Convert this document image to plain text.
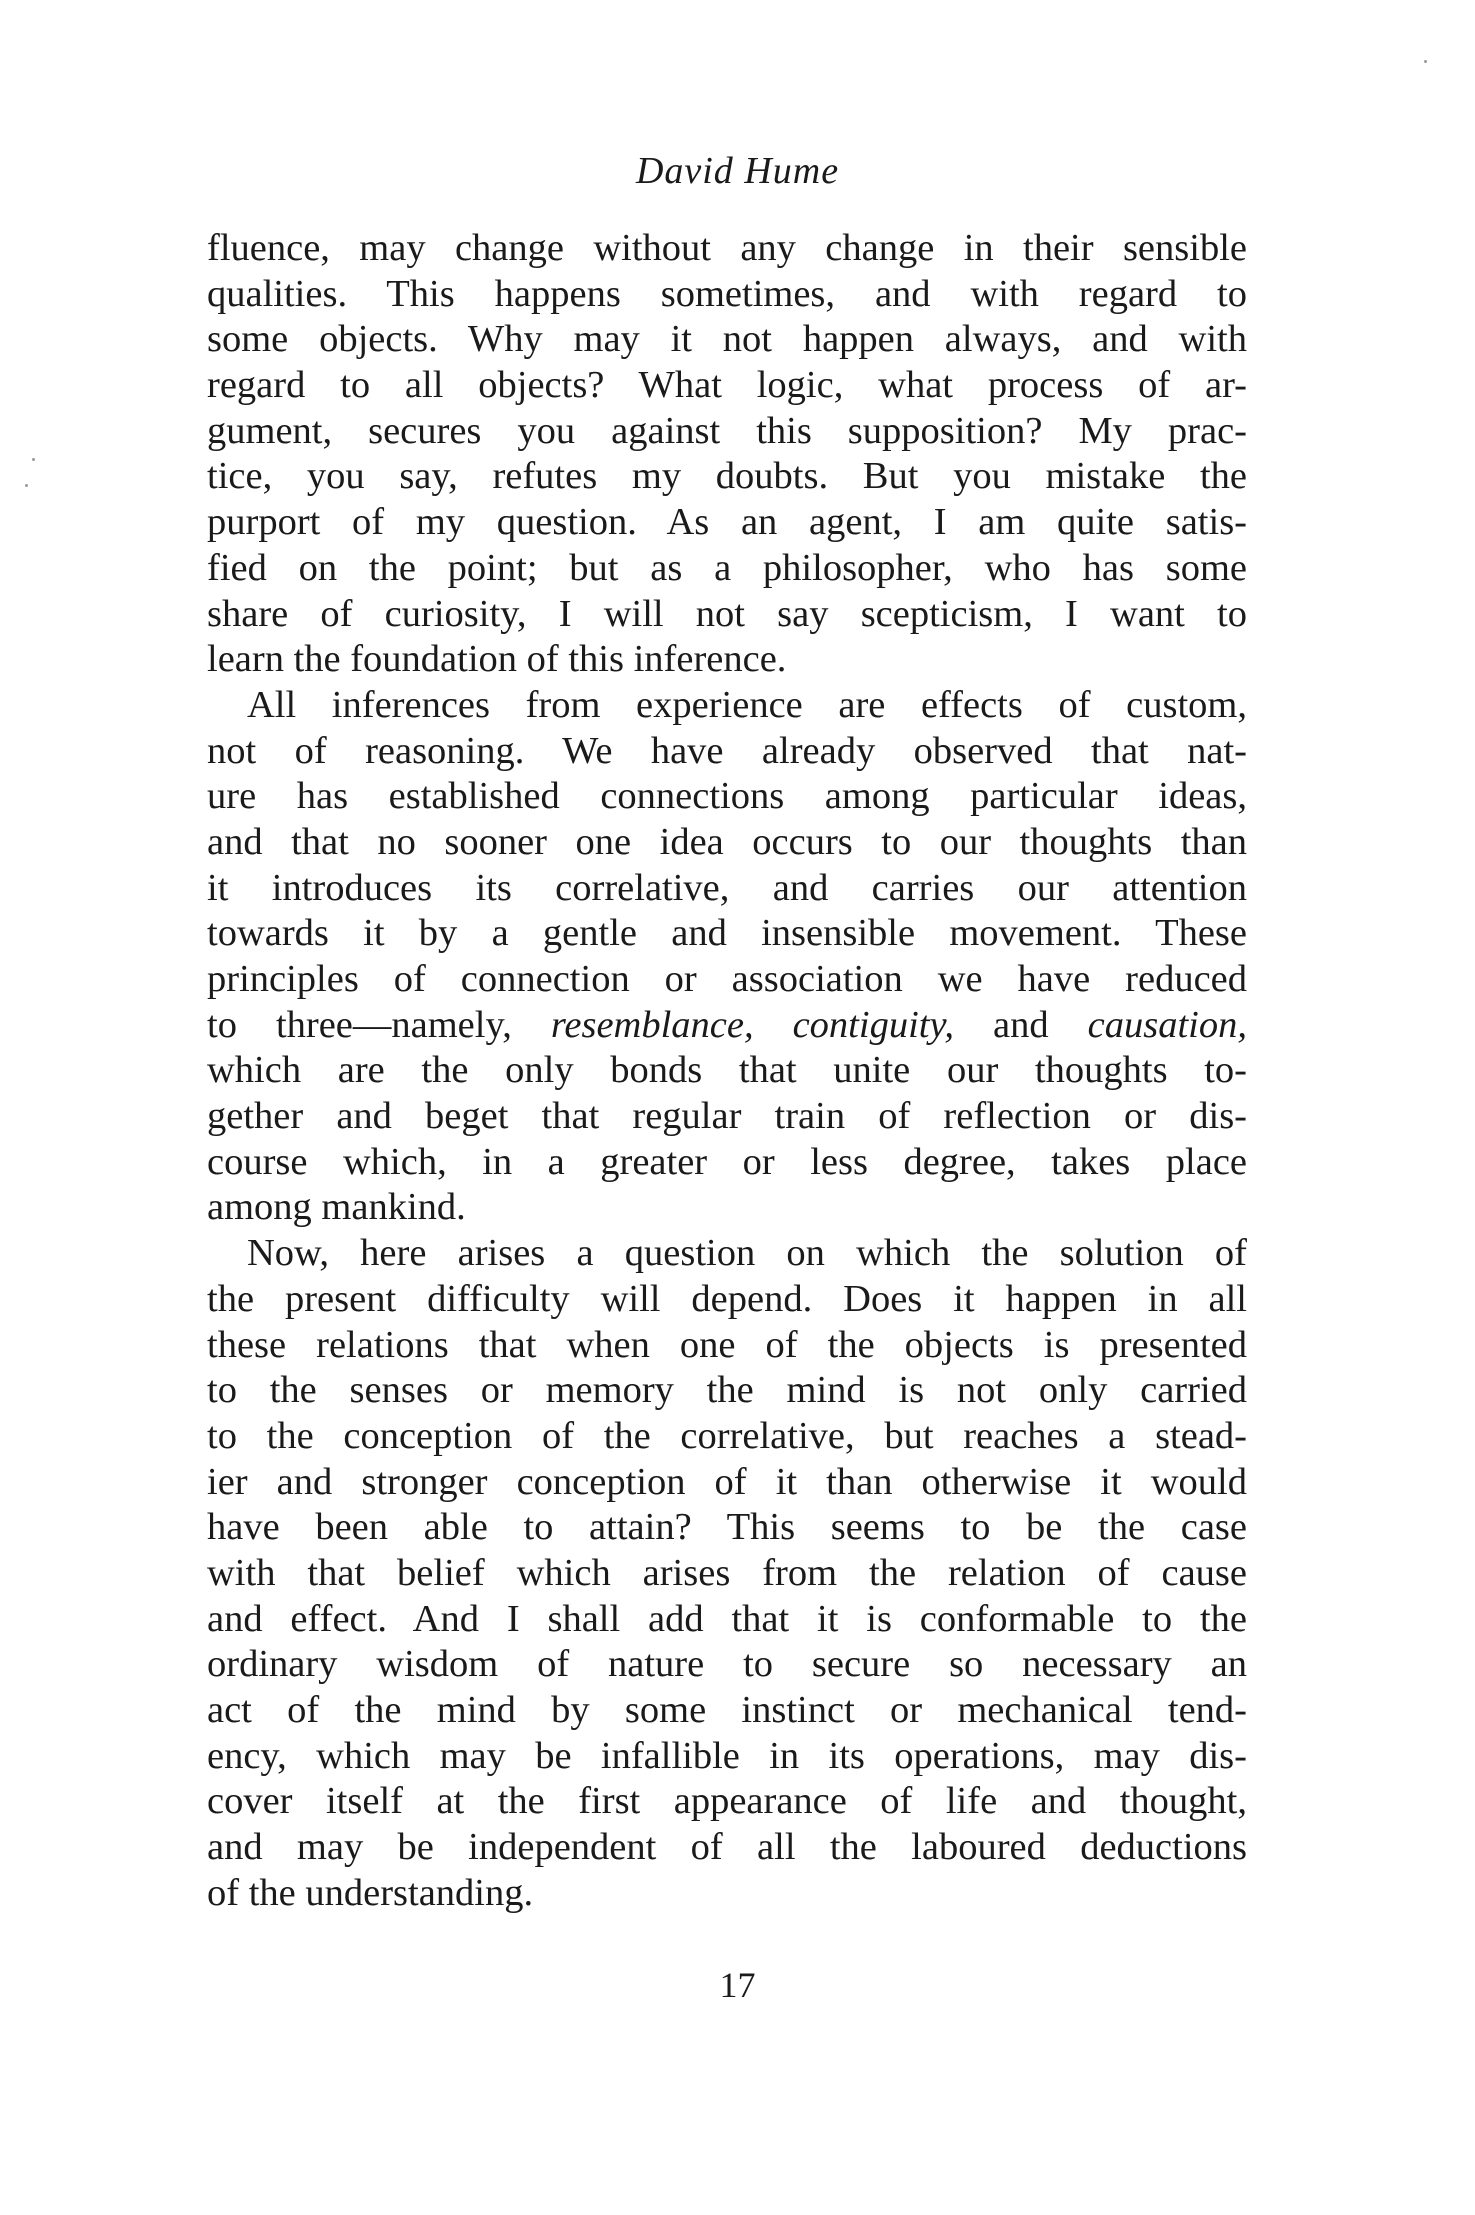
David Hume
fluence, may change without any change in their sensible
qualities. This happens sometimes, and with regard to
some objects. Why may it not happen always, and with
regard to all objects? What logic, what process of ar-
gument, secures you against this supposition? My prac-
tice, you say, refutes my doubts. But you mistake the
purport of my question. As an agent, I am quite satis-
fied on the point; but as a philosopher, who has some
share of curiosity, I will not say scepticism, I want to
learn the foundation of this inference.
All inferences from experience are effects of custom,
not of reasoning. We have already observed that nat-
ure has established connections among particular ideas,
and that no sooner one idea occurs to our thoughts than
it introduces its correlative, and carries our attention
towards it by a gentle and insensible movement. These
principles of connection or association we have reduced
to three—namely, resemblance, contiguity, and causation,
which are the only bonds that unite our thoughts to-
gether and beget that regular train of reflection or dis-
course which, in a greater or less degree, takes place
among mankind.
Now, here arises a question on which the solution of
the present difficulty will depend. Does it happen in all
these relations that when one of the objects is presented
to the senses or memory the mind is not only carried
to the conception of the correlative, but reaches a stead-
ier and stronger conception of it than otherwise it would
have been able to attain? This seems to be the case
with that belief which arises from the relation of cause
and effect. And I shall add that it is conformable to the
ordinary wisdom of nature to secure so necessary an
act of the mind by some instinct or mechanical tend-
ency, which may be infallible in its operations, may dis-
cover itself at the first appearance of life and thought,
and may be independent of all the laboured deductions
of the understanding.
17
